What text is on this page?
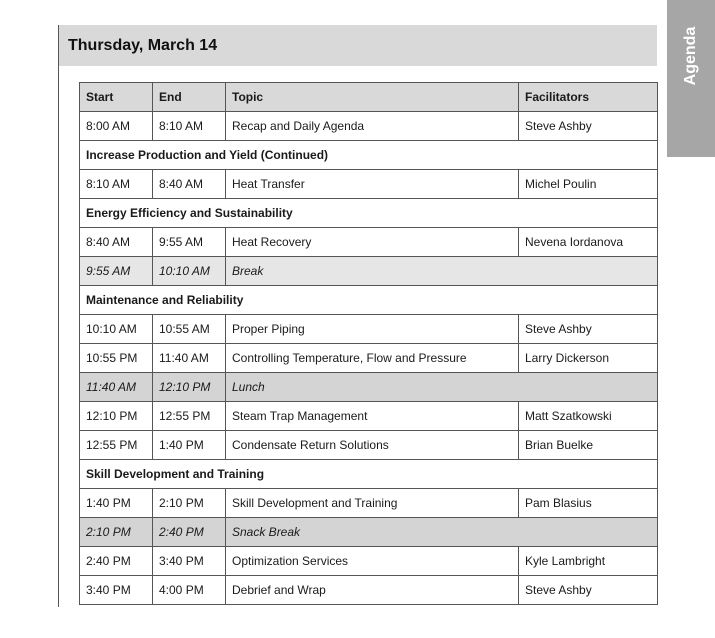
Thursday, March 14	Agenda
Start	End	Topic	Facilitators
8:00 AM	8:10 AM	Recap and Daily Agenda	Steve Ashby
Increase Production and Yield (Continued)			
8:10 AM	8:40 AM	Heat Transfer	Michel Poulin
Energy Efficiency and Sustainability			
8:40 AM	9:55 AM	Heat Recovery	Nevena Iordanova
9:55 AM	10:10 AM	Break	
Maintenance and Reliability			
10:10 AM	10:55 AM	Proper Piping	Steve Ashby
10:55 PM	11:40 AM	Controlling Temperature, Flow and Pressure	Larry Dickerson
11:40 AM	12:10 PM	Lunch	
12:10 PM	12:55 PM	Steam Trap Management	Matt Szatkowski
12:55 PM	1:40 PM	Condensate Return Solutions	Brian Buelke
Skill Development and Training			
1:40 PM	2:10 PM	Skill Development and Training	Pam Blasius
2:10 PM	2:40 PM	Snack Break	
2:40 PM	3:40 PM	Optimization Services	Kyle Lambright
3:40 PM	4:00 PM	Debrief and Wrap	Steve Ashby
